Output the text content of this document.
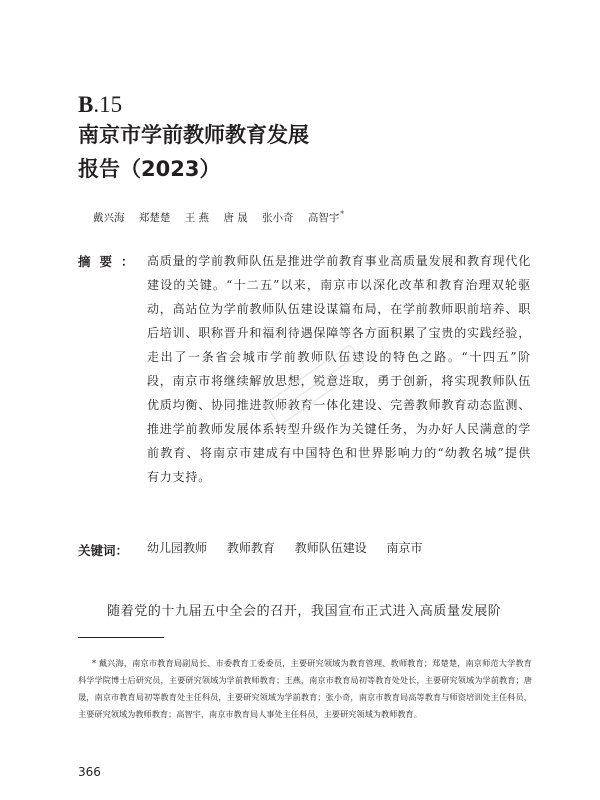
B.15
南京市学前教师教育发展
报告（2023）
戴兴海 郑楚楚 王 燕 唐 晟 张小奇 高智宇*
摘要： 高质量的学前教师队伍是推进学前教育事业高质量发展和教育现代化建设的关键。“十二五”以来，南京市以深化改革和教育治理双轮驱动，高站位为学前教师队伍建设谋篇布局，在学前教师职前培养、职后培训、职称晋升和福利待遇保障等各方面积累了宝贵的实践经验，走出了一条省会城市学前教师队伍建设的特色之路。“十四五”阶段，南京市将继续解放思想，锐意进取，勇于创新，将实现教师队伍优质均衡、协同推进教师教育一体化建设、完善教师教育动态监测、推进学前教师发展体系转型升级作为关键任务，为办好人民满意的学前教育、将南京市建成有中国特色和世界影响力的“幼教名城”提供有力支持。
关键词： 幼儿园教师 教师教育 教师队伍建设 南京市
随着党的十九届五中全会的召开，我国宣布正式进入高质量发展阶
* 戴兴海，南京市教育局副局长、市委教育工委委员，主要研究领域为教育管理、教师教育；郑楚楚，南京师范大学教育科学学院博士后研究员，主要研究领域为学前教师教育；王燕，南京市教育局初等教育处处长，主要研究领域为学前教育；唐晟，南京市教育局初等教育处主任科员，主要研究领域为学前教育；张小奇，南京市教育局高等教育与师资培训处主任科员，主要研究领域为教师教育；高智宇，南京市教育局人事处主任科员，主要研究领域为教师教育。
366
